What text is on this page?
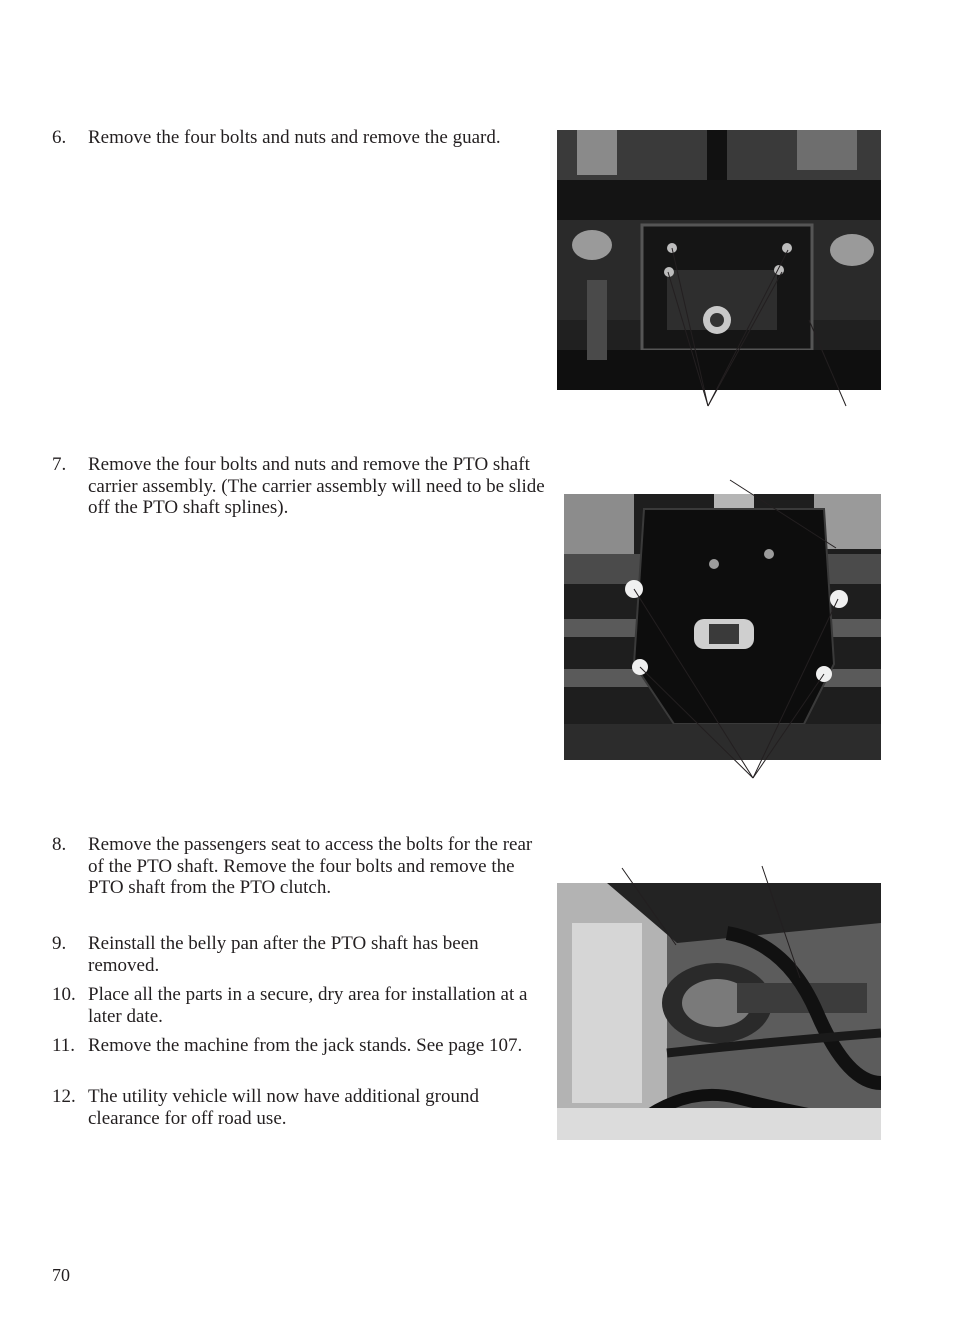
6. Remove the four bolts and nuts and remove the guard.
7. Remove the four bolts and nuts and remove the PTO shaft carrier assembly. (The carrier assembly will need to be slide off the PTO shaft splines).
8. Remove the passengers seat to access the bolts for the rear of the PTO shaft. Remove the four bolts and remove the PTO shaft from the PTO clutch.
9. Reinstall the belly pan after the PTO shaft has been removed.
10. Place all the parts in a secure, dry area for installation at a later date.
11. Remove the machine from the jack stands. See page 107.
12. The utility vehicle will now have additional ground clearance for off road use.
70
